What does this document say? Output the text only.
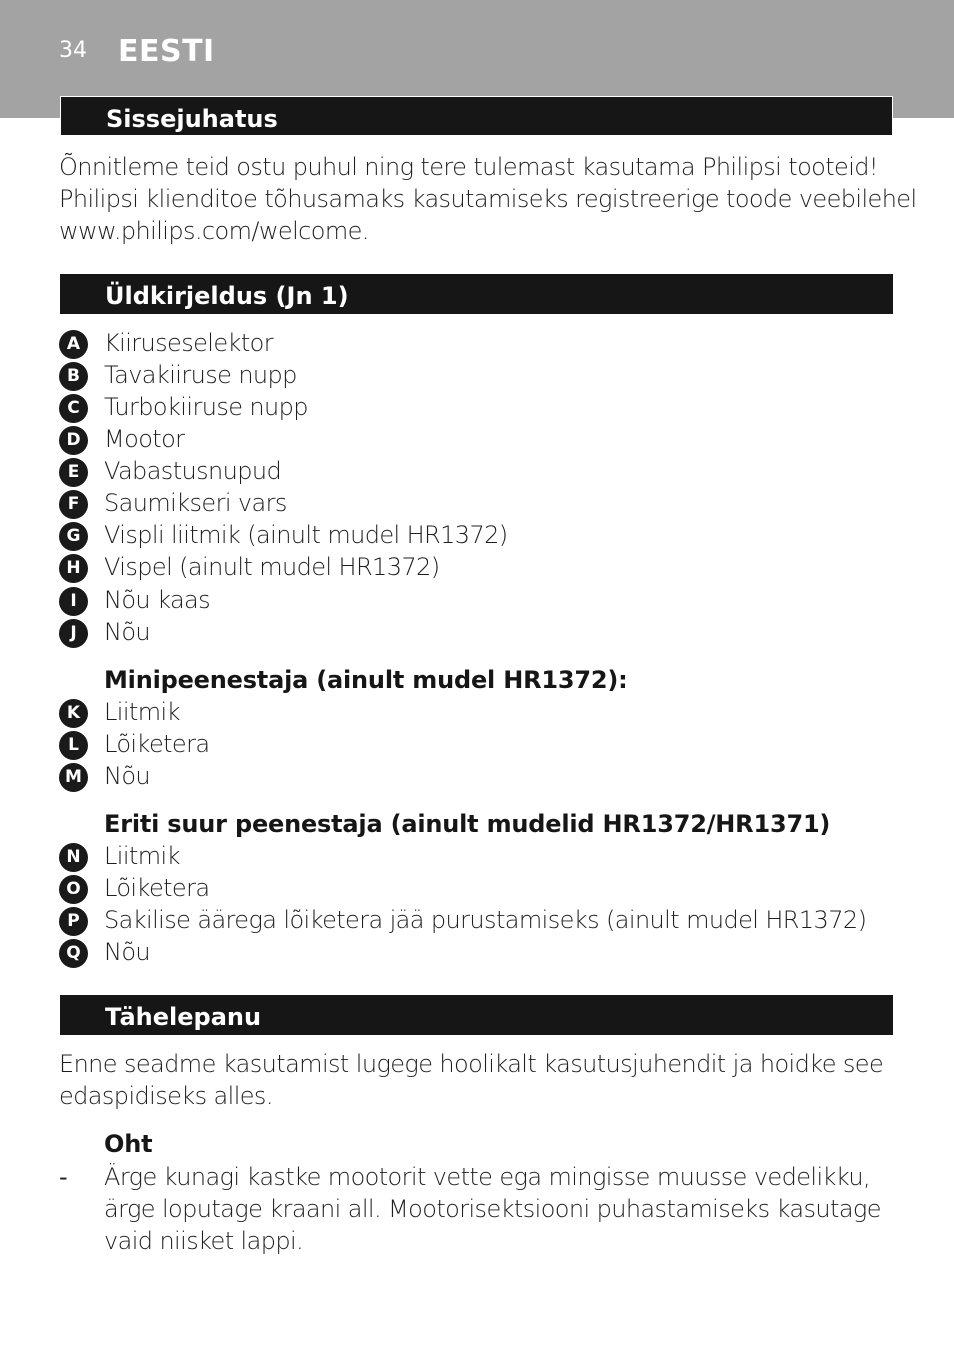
34 EESTI
Sissejuhatus

Õnnitleme teid ostu puhul ning tere tulemast kasutama Philipsi tooteid!

Philipsi klienditoe tõhusamaks kasutamiseks registreerige toode veebilehel

www.philips.com/welcome.

Üldkirjeldus (Jn 1)
A Kiiruseselektor
B	Tavakiiruse nupp
C	Turbokiiruse nupp
D Mootor
E	Vabastusnupud
F	Saumikseri vars
G Vispli liitmik (ainult mudel HR1372)
H Vispel (ainult mudel HR1372)
I	Nõu kaas
J	Nõu
Minipeenestaja (ainult mudel HR1372):
K Liitmik
L	Lõiketera
M Nõu
Eriti suur peenestaja (ainult mudelid HR1372/HR1371)
N Liitmik
O Lõiketera
P	Sakilise äärega lõiketera jää purustamiseks (ainult mudel HR1372)
Q Nõu
Tähelepanu

Enne seadme kasutamist lugege hoolikalt kasutusjuhendit ja hoidke see

edaspidiseks alles.

Oht
- Ärge kunagi kastke mootorit vette ega mingisse muusse vedelikku,
ärge loputage kraani all. Mootorisektsiooni puhastamiseks kasutage
vaid niisket lappi.
